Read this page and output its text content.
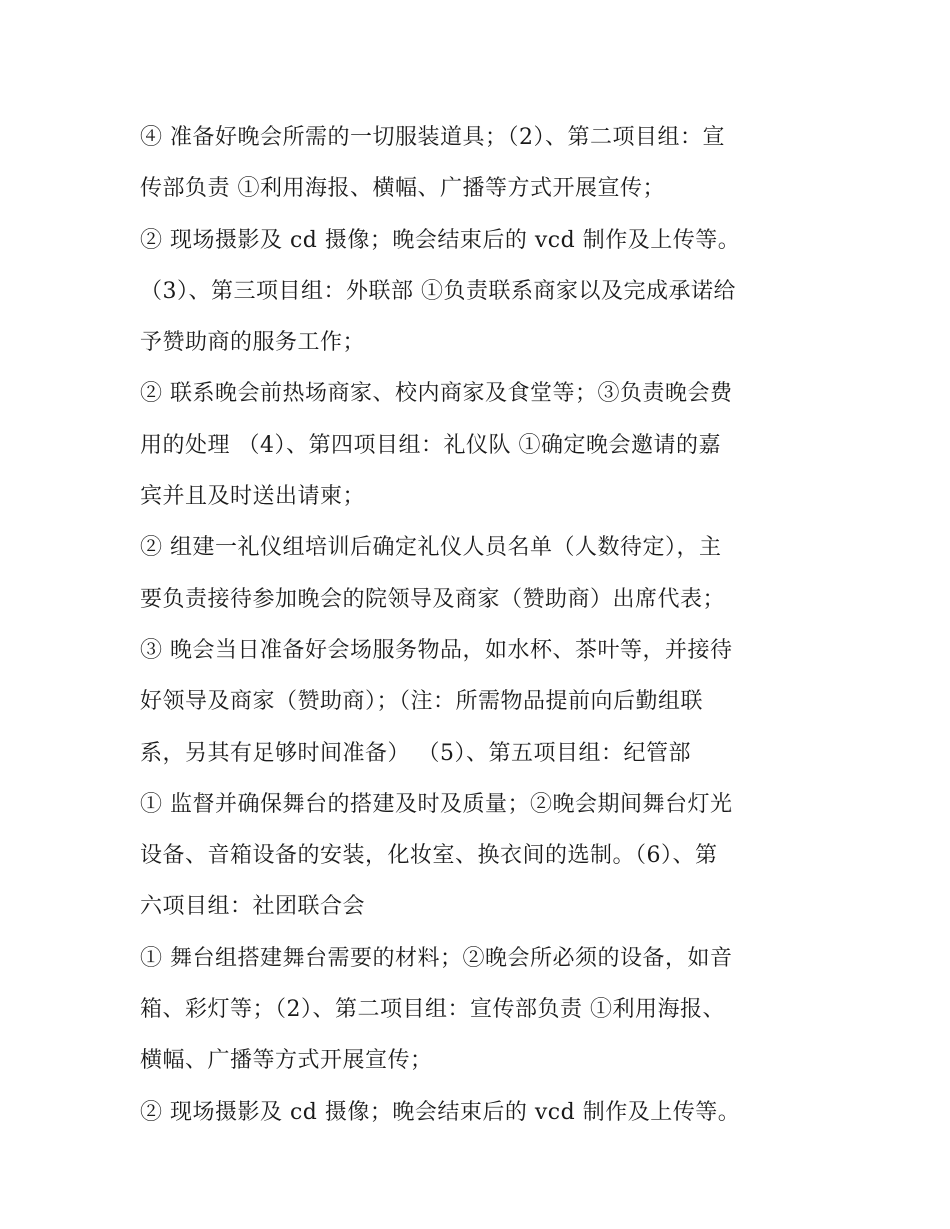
④ 准备好晚会所需的一切服装道具；（2）、第二项目组：宣
传部负责 ①利用海报、横幅、广播等方式开展宣传；
② 现场摄影及 cd 摄像；晚会结束后的 vcd 制作及上传等。
（3）、第三项目组：外联部 ①负责联系商家以及完成承诺给
予赞助商的服务工作；
② 联系晚会前热场商家、校内商家及食堂等；③负责晚会费
用的处理 （4）、第四项目组：礼仪队 ①确定晚会邀请的嘉
宾并且及时送出请柬；
② 组建一礼仪组培训后确定礼仪人员名单（人数待定），主
要负责接待参加晚会的院领导及商家（赞助商）出席代表；
③ 晚会当日准备好会场服务物品，如水杯、茶叶等，并接待
好领导及商家（赞助商）；（注：所需物品提前向后勤组联
系，另其有足够时间准备） （5）、第五项目组：纪管部
① 监督并确保舞台的搭建及时及质量；②晚会期间舞台灯光
设备、音箱设备的安装，化妆室、换衣间的选制。（6）、第
六项目组：社团联合会
① 舞台组搭建舞台需要的材料；②晚会所必须的设备，如音
箱、彩灯等；（2）、第二项目组：宣传部负责 ①利用海报、
横幅、广播等方式开展宣传；
② 现场摄影及 cd 摄像；晚会结束后的 vcd 制作及上传等。
